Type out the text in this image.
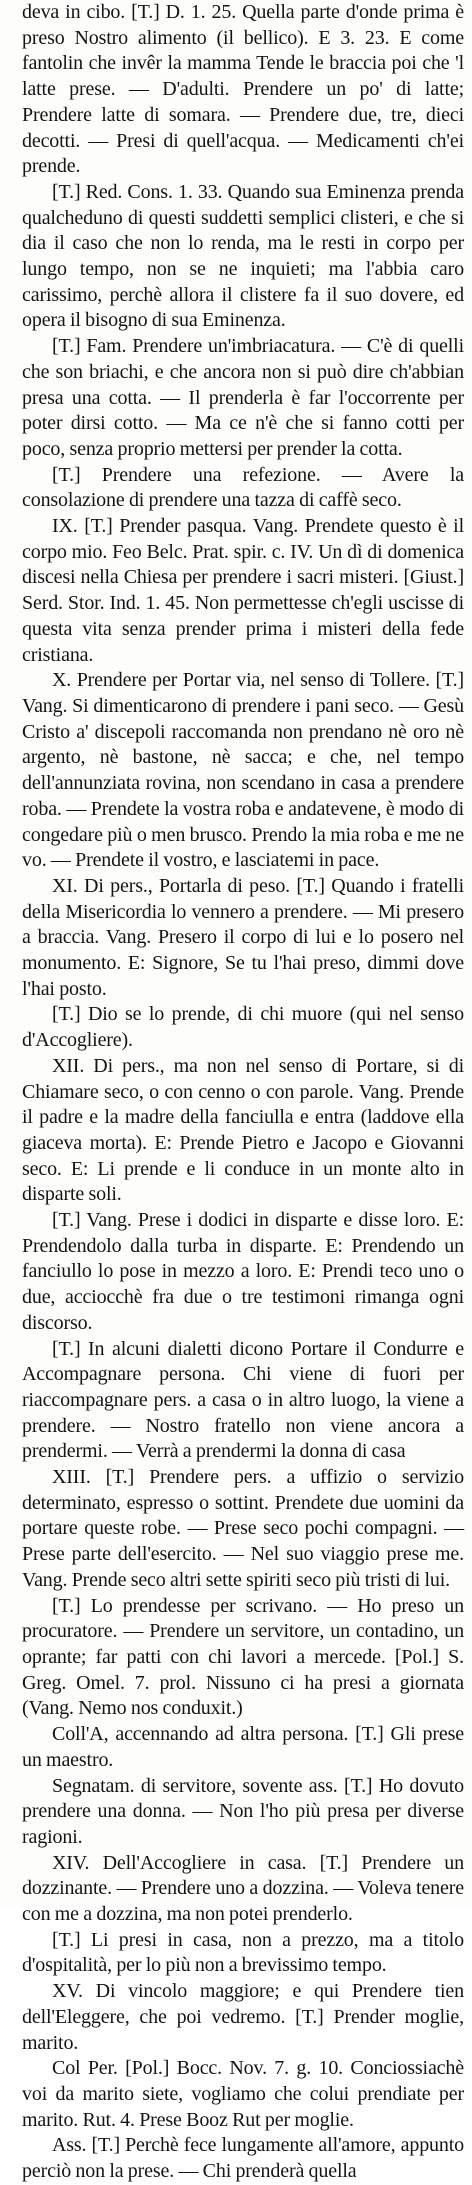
deva in cibo. [T.] D. 1. 25. Quella parte d'onde prima è preso Nostro alimento (il bellico). E 3. 23. E come fantolin che invêr la mamma Tende le braccia poi che 'l latte prese. — D'adulti. Prendere un po' di latte; Prendere latte di somara. — Prendere due, tre, dieci decotti. — Presi di quell'acqua. — Medicamenti ch'ei prende.

[T.] Red. Cons. 1. 33. Quando sua Eminenza prenda qualcheduno di questi suddetti semplici clisteri, e che si dia il caso che non lo renda, ma le resti in corpo per lungo tempo, non se ne inquieti; ma l'abbia caro carissimo, perchè allora il clistere fa il suo dovere, ed opera il bisogno di sua Eminenza.

[T.] Fam. Prendere un'imbriacatura. — C'è di quelli che son briachi, e che ancora non si può dire ch'abbian presa una cotta. — Il prenderla è far l'occorrente per poter dirsi cotto. — Ma ce n'è che si fanno cotti per poco, senza proprio mettersi per prender la cotta.

[T.] Prendere una refezione. — Avere la consolazione di prendere una tazza di caffè seco.

IX. [T.] Prender pasqua. Vang. Prendete questo è il corpo mio. Feo Belc. Prat. spir. c. IV. Un dì di domenica discesi nella Chiesa per prendere i sacri misteri. [Giust.] Serd. Stor. Ind. 1. 45. Non permettesse ch'egli uscisse di questa vita senza prender prima i misteri della fede cristiana.

X. Prendere per Portar via, nel senso di Tollere. [T.] Vang. Si dimenticarono di prendere i pani seco. — Gesù Cristo a' discepoli raccomanda non prendano nè oro nè argento, nè bastone, nè sacca; e che, nel tempo dell'annunziata rovina, non scendano in casa a prendere roba. — Prendete la vostra roba e andatevene, è modo di congedare più o men brusco. Prendo la mia roba e me ne vo. — Prendete il vostro, e lasciatemi in pace.

XI. Di pers., Portarla di peso. [T.] Quando i fratelli della Misericordia lo vennero a prendere. — Mi presero a braccia. Vang. Presero il corpo di lui e lo posero nel monumento. E: Signore, Se tu l'hai preso, dimmi dove l'hai posto.

[T.] Dio se lo prende, di chi muore (qui nel senso d'Accogliere).

XII. Di pers., ma non nel senso di Portare, si di Chiamare seco, o con cenno o con parole. Vang. Prende il padre e la madre della fanciulla e entra (laddove ella giaceva morta). E: Prende Pietro e Jacopo e Giovanni seco. E: Li prende e li conduce in un monte alto in disparte soli.

[T.] Vang. Prese i dodici in disparte e disse loro. E: Prendendolo dalla turba in disparte. E: Prendendo un fanciullo lo pose in mezzo a loro. E: Prendi teco uno o due, acciocchè fra due o tre testimoni rimanga ogni discorso.

[T.] In alcuni dialetti dicono Portare il Condurre e Accompagnare persona. Chi viene di fuori per riaccompagnare pers. a casa o in altro luogo, la viene a prendere. — Nostro fratello non viene ancora a prendermi. — Verrà a prendermi la donna di casa

XIII. [T.] Prendere pers. a uffizio o servizio determinato, espresso o sottint. Prendete due uomini da portare queste robe. — Prese seco pochi compagni. — Prese parte dell'esercito. — Nel suo viaggio prese me. Vang. Prende seco altri sette spiriti seco più tristi di lui.

[T.] Lo prendesse per scrivano. — Ho preso un procuratore. — Prendere un servitore, un contadino, un oprante; far patti con chi lavori a mercede. [Pol.] S. Greg. Omel. 7. prol. Nissuno ci ha presi a giornata (Vang. Nemo nos conduxit.)

Coll'A, accennando ad altra persona. [T.] Gli prese un maestro.

Segnatam. di servitore, sovente ass. [T.] Ho dovuto prendere una donna. — Non l'ho più presa per diverse ragioni.

XIV. Dell'Accogliere in casa. [T.] Prendere un dozzinante. — Prendere uno a dozzina. — Voleva tenere con me a dozzina, ma non potei prenderlo.

[T.] Li presi in casa, non a prezzo, ma a titolo d'ospitalità, per lo più non a brevissimo tempo.

XV. Di vincolo maggiore; e qui Prendere tien dell'Eleggere, che poi vedremo. [T.] Prender moglie, marito.

Col Per. [Pol.] Bocc. Nov. 7. g. 10. Conciossiachè voi da marito siete, vogliamo che colui prendiate per marito. Rut. 4. Prese Booz Rut per moglie.

Ass. [T.] Perchè fece lungamente all'amore, appunto perciò non la prese. — Chi prenderà quella
